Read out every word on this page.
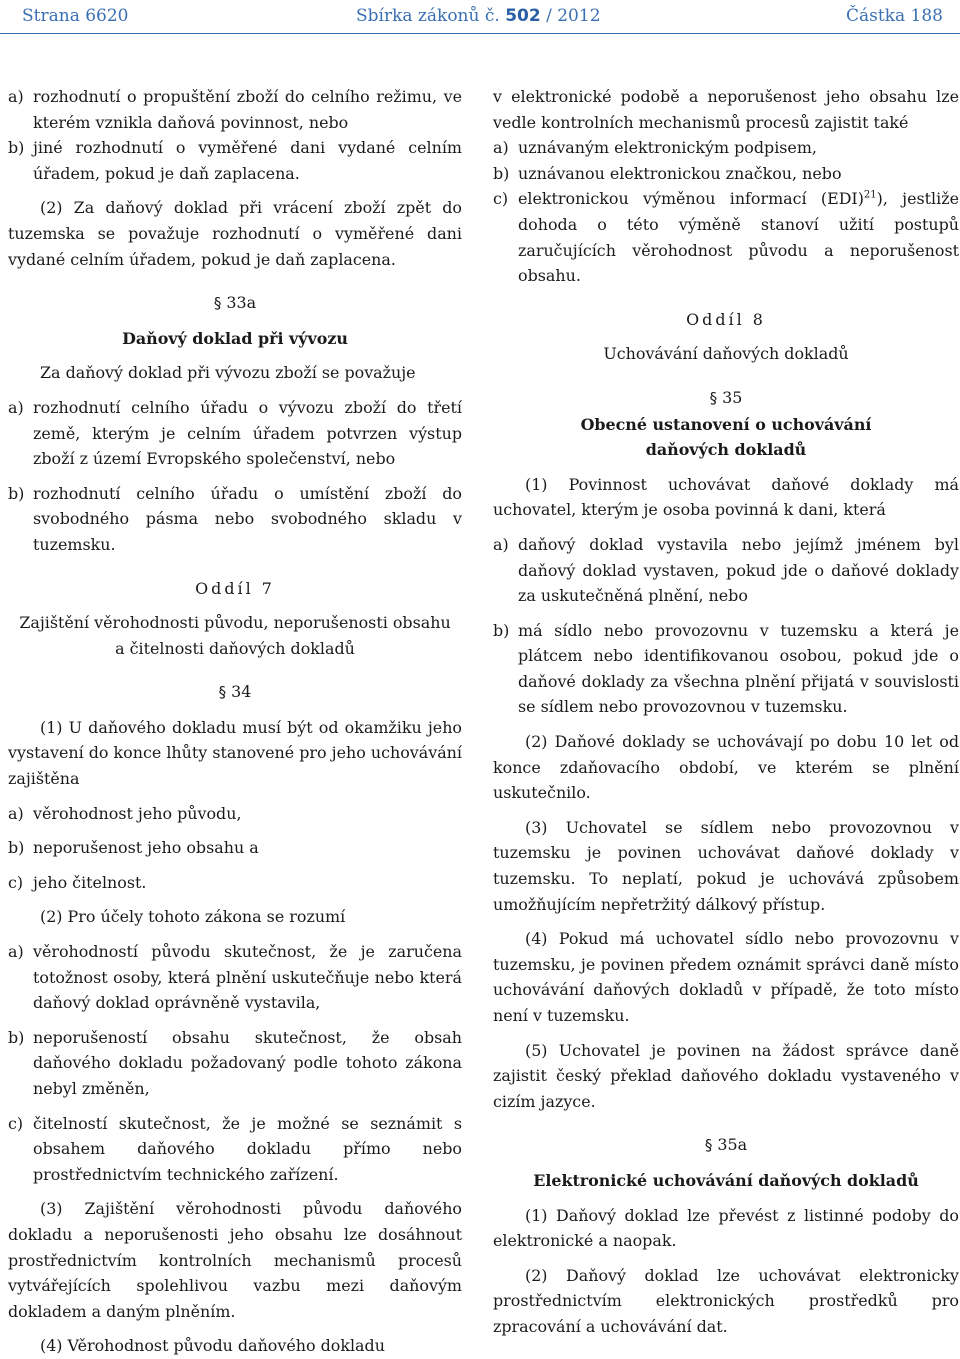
Strana 6620	Sbírka zákonů č. 502 / 2012	Částka 188
a) rozhodnutí o propuštění zboží do celního režimu, ve kterém vznikla daňová povinnost, nebo
b) jiné rozhodnutí o vyměřené dani vydané celním úřadem, pokud je daň zaplacena.

(2) Za daňový doklad při vrácení zboží zpět do tuzemska se považuje rozhodnutí o vyměřené dani vydané celním úřadem, pokud je daň zaplacena.

§ 33a

Daňový doklad při vývozu

Za daňový doklad při vývozu zboží se považuje

a) rozhodnutí celního úřadu o vývozu zboží do třetí země, kterým je celním úřadem potvrzen výstup zboží z území Evropského společenství, nebo
b) rozhodnutí celního úřadu o umístění zboží do svobodného pásma nebo svobodného skladu v tuzemsku.

Oddíl 7

Zajištění věrohodnosti původu, neporušenosti obsahu

a čitelnosti daňových dokladů

§ 34

(1) U daňového dokladu musí být od okamžiku jeho vystavení do konce lhůty stanovené pro jeho uchovávání zajištěna

a) věrohodnost jeho původu,
b) neporušenost jeho obsahu a
c) jeho čitelnost.

(2) Pro účely tohoto zákona se rozumí

a) věrohodností původu skutečnost, že je zaručena totožnost osoby, která plnění uskutečňuje nebo která daňový doklad oprávněně vystavila,
b) neporušeností obsahu skutečnost, že obsah daňového dokladu požadovaný podle tohoto zákona nebyl změněn,
c) čitelností skutečnost, že je možné se seznámit s obsahem daňového dokladu přímo nebo prostřednictvím technického zařízení.

(3) Zajištění věrohodnosti původu daňového dokladu a neporušenosti jeho obsahu lze dosáhnout prostřednictvím kontrolních mechanismů procesů vytvářejících spolehlivou vazbu mezi daňovým dokladem a daným plněním.

(4) Věrohodnost původu daňového dokladu

v elektronické podobě a neporušenost jeho obsahu lze vedle kontrolních mechanismů procesů zajistit také

a) uznávaným elektronickým podpisem,
b) uznávanou elektronickou značkou, nebo
c) elektronickou výměnou informací (EDI)$^{21}$), jestliže dohoda o této výměně stanoví užití postupů zaručujících věrohodnost původu a neporušenost obsahu.

Oddíl 8

Uchovávání daňových dokladů

§ 35

Obecné ustanovení o uchovávání

daňových dokladů

(1) Povinnost uchovávat daňové doklady má uchovatel, kterým je osoba povinná k dani, která

a) daňový doklad vystavila nebo jejímž jménem byl daňový doklad vystaven, pokud jde o daňové doklady za uskutečněná plnění, nebo
b) má sídlo nebo provozovnu v tuzemsku a která je plátcem nebo identifikovanou osobou, pokud jde o daňové doklady za všechna plnění přijatá v souvislosti se sídlem nebo provozovnou v tuzemsku.

(2) Daňové doklady se uchovávají po dobu 10 let od konce zdaňovacího období, ve kterém se plnění uskutečnilo.

(3) Uchovatel se sídlem nebo provozovnou v tuzemsku je povinen uchovávat daňové doklady v tuzemsku. To neplatí, pokud je uchovává způsobem umožňujícím nepřetržitý dálkový přístup.

(4) Pokud má uchovatel sídlo nebo provozovnu v tuzemsku, je povinen předem oznámit správci daně místo uchovávání daňových dokladů v případě, že toto místo není v tuzemsku.

(5) Uchovatel je povinen na žádost správce daně zajistit český překlad daňového dokladu vystaveného v cizím jazyce.

§ 35a

Elektronické uchovávání daňových dokladů

(1) Daňový doklad lze převést z listinné podoby do elektronické a naopak.

(2) Daňový doklad lze uchovávat elektronicky prostřednictvím elektronických prostředků pro zpracování a uchovávání dat.
